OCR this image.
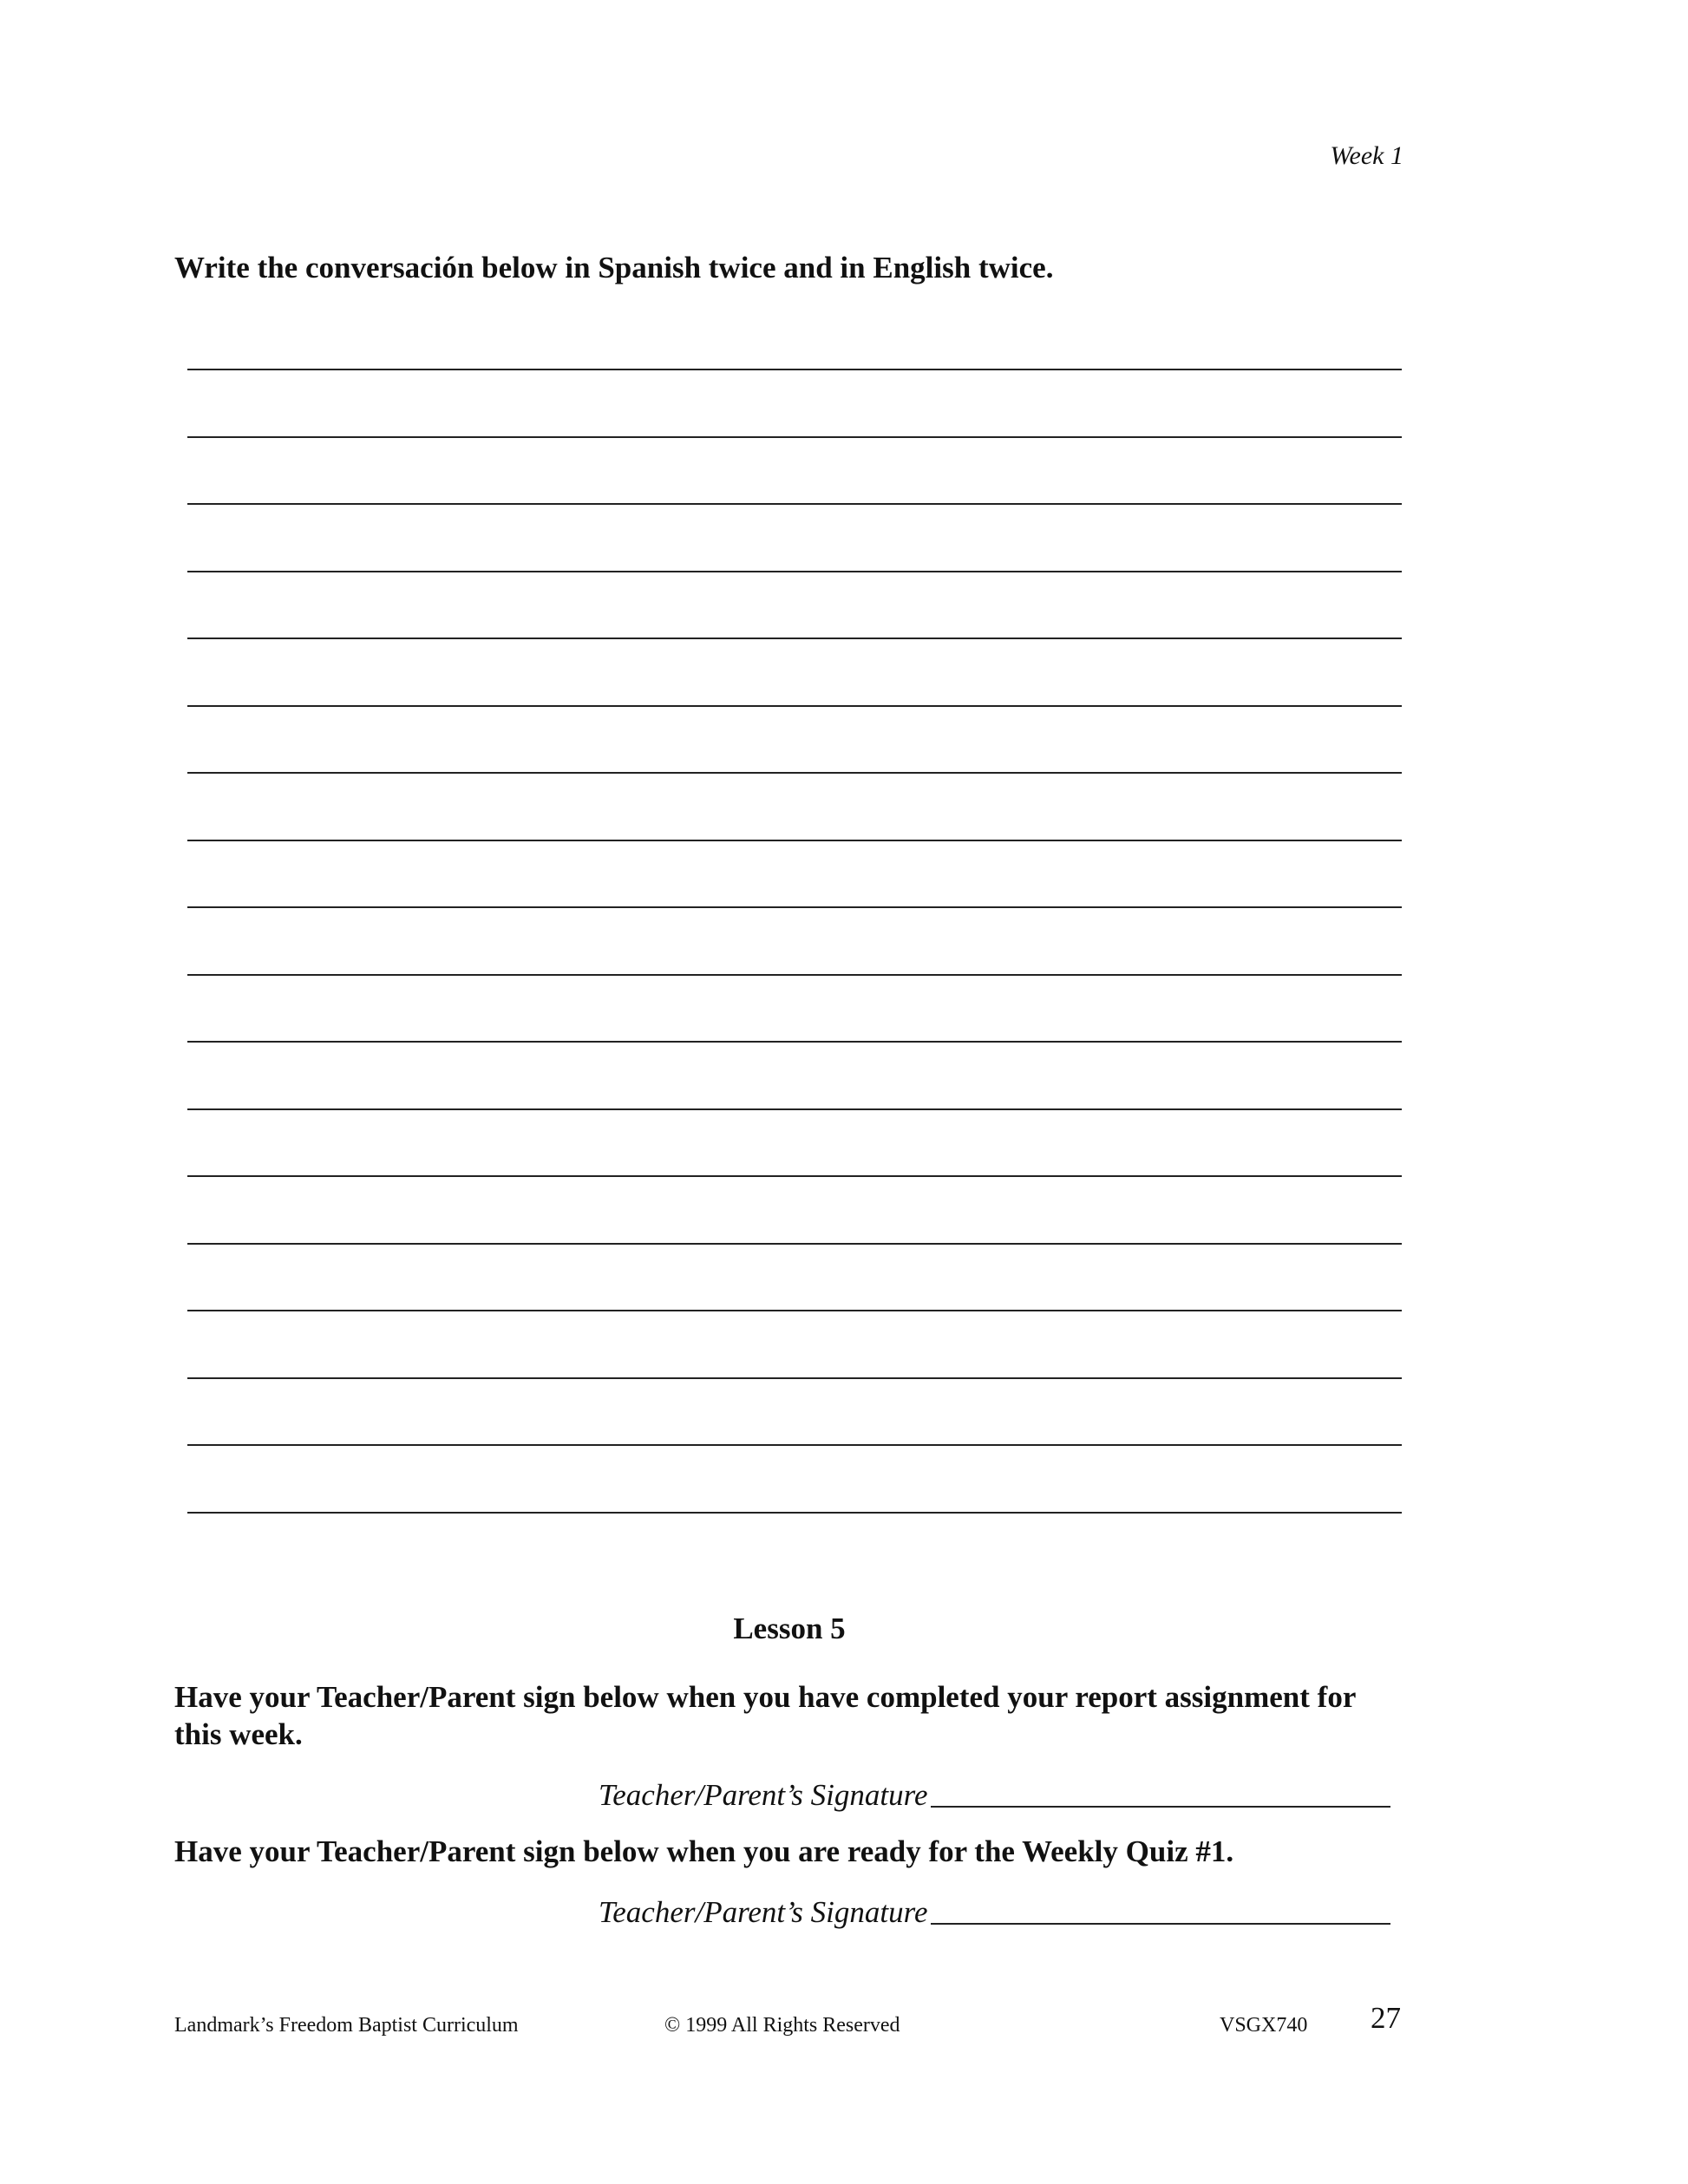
Week 1
Write the conversación below in Spanish twice and in English twice.
Lesson 5
Have your Teacher/Parent sign below when you have completed your report assignment for this week.
Teacher/Parent’s Signature
Have your Teacher/Parent sign below when you are ready for the Weekly Quiz #1.
Teacher/Parent’s Signature
Landmark’s Freedom Baptist Curriculum	© 1999 All Rights Reserved	VSGX740 27
